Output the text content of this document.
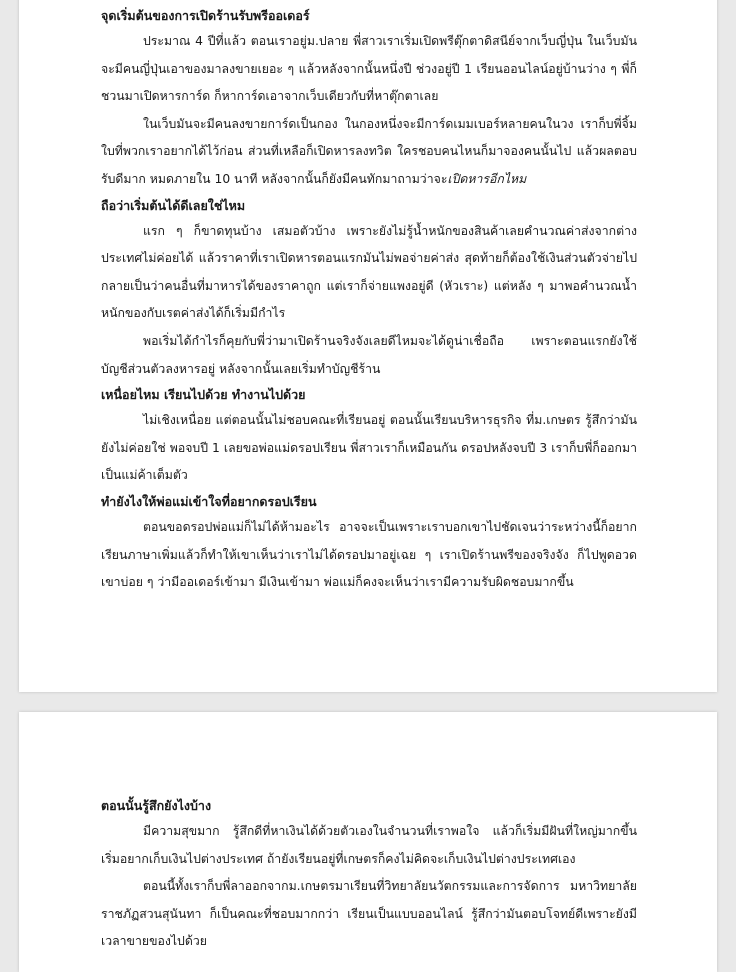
จุดเริ่มต้นของการเปิดร้านรับพรีออเดอร์

ประมาณ 4 ปีที่แล้ว ตอนเราอยู่ม.ปลาย พี่สาวเราเริ่มเปิดพรีตุ๊กตาดิสนีย์จากเว็บญี่ปุ่น ในเว็บมันจะมีคนญี่ปุ่นเอาของมาลงขายเยอะ ๆ แล้วหลังจากนั้นหนึ่งปี ช่วงอยู่ปี 1 เรียนออนไลน์อยู่บ้านว่าง ๆ พี่ก็ชวนมาเปิดหารการ์ด ก็หาการ์ดเอาจากเว็บเดียวกับที่หาตุ๊กตาเลย

ในเว็บมันจะมีคนลงขายการ์ดเป็นกอง ในกองหนึ่งจะมีการ์ดเมมเบอร์หลายคนในวง เราก็บพี่จิ้มใบที่พวกเราอยากได้ไว้ก่อน ส่วนที่เหลือก็เปิดหารลงทวิต ใครชอบคนไหนก็มาจองคนนั้นไป แล้วผลตอบรับดีมาก หมดภายใน 10 นาที หลังจากนั้นก็ยังมีคนทักมาถามว่าจะเปิดหารอีกไหม

ถือว่าเริ่มต้นได้ดีเลยใช่ไหม

แรก ๆ ก็ขาดทุนบ้าง เสมอตัวบ้าง เพราะยังไม่รู้น้ำหนักของสินค้าเลยคำนวณค่าส่งจากต่างประเทศไม่ค่อยได้ แล้วราคาที่เราเปิดหารตอนแรกมันไม่พอจ่ายค่าส่ง สุดท้ายก็ต้องใช้เงินส่วนตัวจ่ายไป กลายเป็นว่าคนอื่นที่มาหารได้ของราคาถูก แต่เราก็จ่ายแพงอยู่ดี (หัวเราะ) แต่หลัง ๆ มาพอคำนวณน้ำหนักของกับเรตค่าส่งได้ก็เริ่มมีกำไร

พอเริ่มได้กำไรก็คุยกับพี่ว่ามาเปิดร้านจริงจังเลยดีไหมจะได้ดูน่าเชื่อถือ เพราะตอนแรกยังใช้บัญชีส่วนตัวลงหารอยู่ หลังจากนั้นเลยเริ่มทำบัญชีร้าน

เหนื่อยไหม เรียนไปด้วย ทำงานไปด้วย

ไม่เชิงเหนื่อย แต่ตอนนั้นไม่ชอบคณะที่เรียนอยู่ ตอนนั้นเรียนบริหารธุรกิจ ที่ม.เกษตร รู้สึกว่ามันยังไม่ค่อยใช่ พอจบปี 1 เลยขอพ่อแม่ดรอปเรียน พี่สาวเราก็เหมือนกัน ดรอปหลังจบปี 3 เราก็บพี่ก็ออกมาเป็นแม่ค้าเต็มตัว

ทำยังไงให้พ่อแม่เข้าใจที่อยากดรอปเรียน

ตอนขอดรอปพ่อแม่ก็ไม่ได้ห้ามอะไร อาจจะเป็นเพราะเราบอกเขาไปชัดเจนว่าระหว่างนี้ก็อยากเรียนภาษาเพิ่มแล้วก็ทำให้เขาเห็นว่าเราไม่ได้ดรอปมาอยู่เฉย ๆ เราเปิดร้านพรีของจริงจัง ก็ไปพูดอวดเขาบ่อย ๆ ว่ามีออเดอร์เข้ามา มีเงินเข้ามา พ่อแม่ก็คงจะเห็นว่าเรามีความรับผิดชอบมากขึ้น

ตอนนั้นรู้สึกยังไงบ้าง

มีความสุขมาก รู้สึกดีที่หาเงินได้ด้วยตัวเองในจำนวนที่เราพอใจ แล้วก็เริ่มมีฝันที่ใหญ่มากขึ้น เริ่มอยากเก็บเงินไปต่างประเทศ ถ้ายังเรียนอยู่ที่เกษตรก็คงไม่คิดจะเก็บเงินไปต่างประเทศเอง

ตอนนี้ทั้งเราก็บพี่ลาออกจากม.เกษตรมาเรียนที่วิทยาลัยนวัตกรรมและการจัดการ มหาวิทยาลัยราชภัฏสวนสุนันทา ก็เป็นคณะที่ชอบมากกว่า เรียนเป็นแบบออนไลน์ รู้สึกว่ามันตอบโจทย์ดีเพราะยังมีเวลาขายของไปด้วย
